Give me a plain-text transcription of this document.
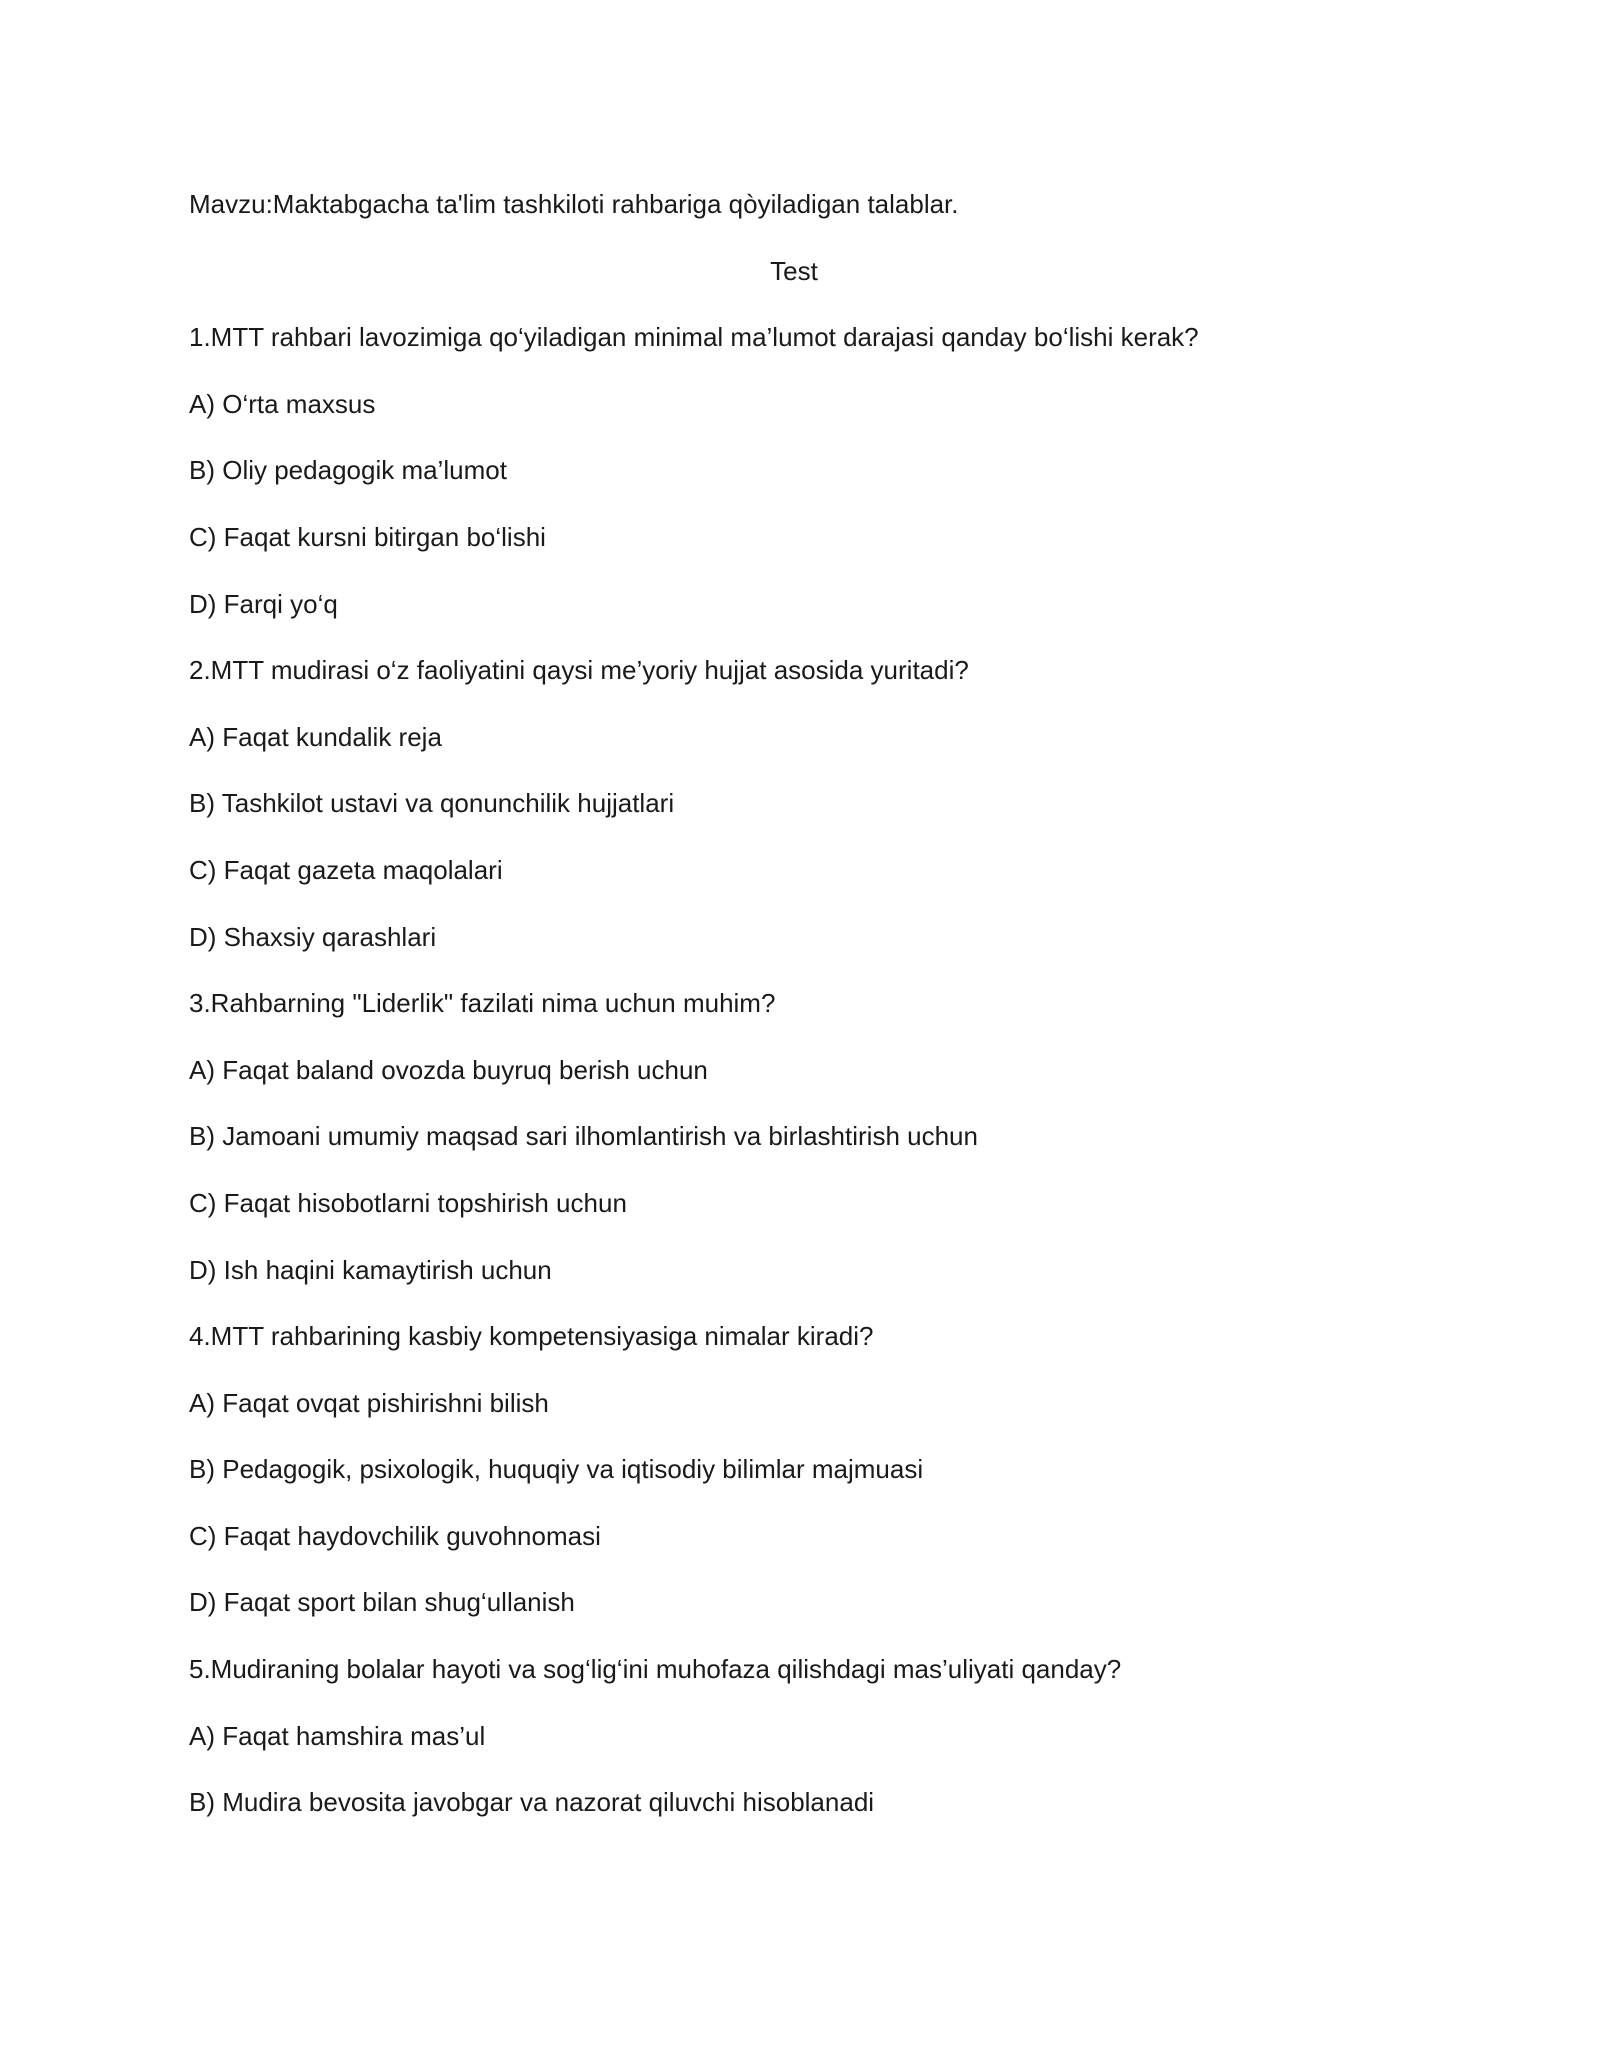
Mavzu:Maktabgacha ta'lim tashkiloti rahbariga qòyiladigan talablar.

Test

1.MTT rahbari lavozimiga qo‘yiladigan minimal ma’lumot darajasi qanday bo‘lishi kerak?

A) O‘rta maxsus

B) Oliy pedagogik ma’lumot

C) Faqat kursni bitirgan bo‘lishi

D) Farqi yo‘q

2.MTT mudirasi o‘z faoliyatini qaysi me’yoriy hujjat asosida yuritadi?

A) Faqat kundalik reja

B) Tashkilot ustavi va qonunchilik hujjatlari

C) Faqat gazeta maqolalari

D) Shaxsiy qarashlari

3.Rahbarning "Liderlik" fazilati nima uchun muhim?

A) Faqat baland ovozda buyruq berish uchun

B) Jamoani umumiy maqsad sari ilhomlantirish va birlashtirish uchun

C) Faqat hisobotlarni topshirish uchun

D) Ish haqini kamaytirish uchun

4.MTT rahbarining kasbiy kompetensiyasiga nimalar kiradi?

A) Faqat ovqat pishirishni bilish

B) Pedagogik, psixologik, huquqiy va iqtisodiy bilimlar majmuasi

C) Faqat haydovchilik guvohnomasi

D) Faqat sport bilan shug‘ullanish

5.Mudiraning bolalar hayoti va sog‘lig‘ini muhofaza qilishdagi mas’uliyati qanday?

A) Faqat hamshira mas’ul

B) Mudira bevosita javobgar va nazorat qiluvchi hisoblanadi
